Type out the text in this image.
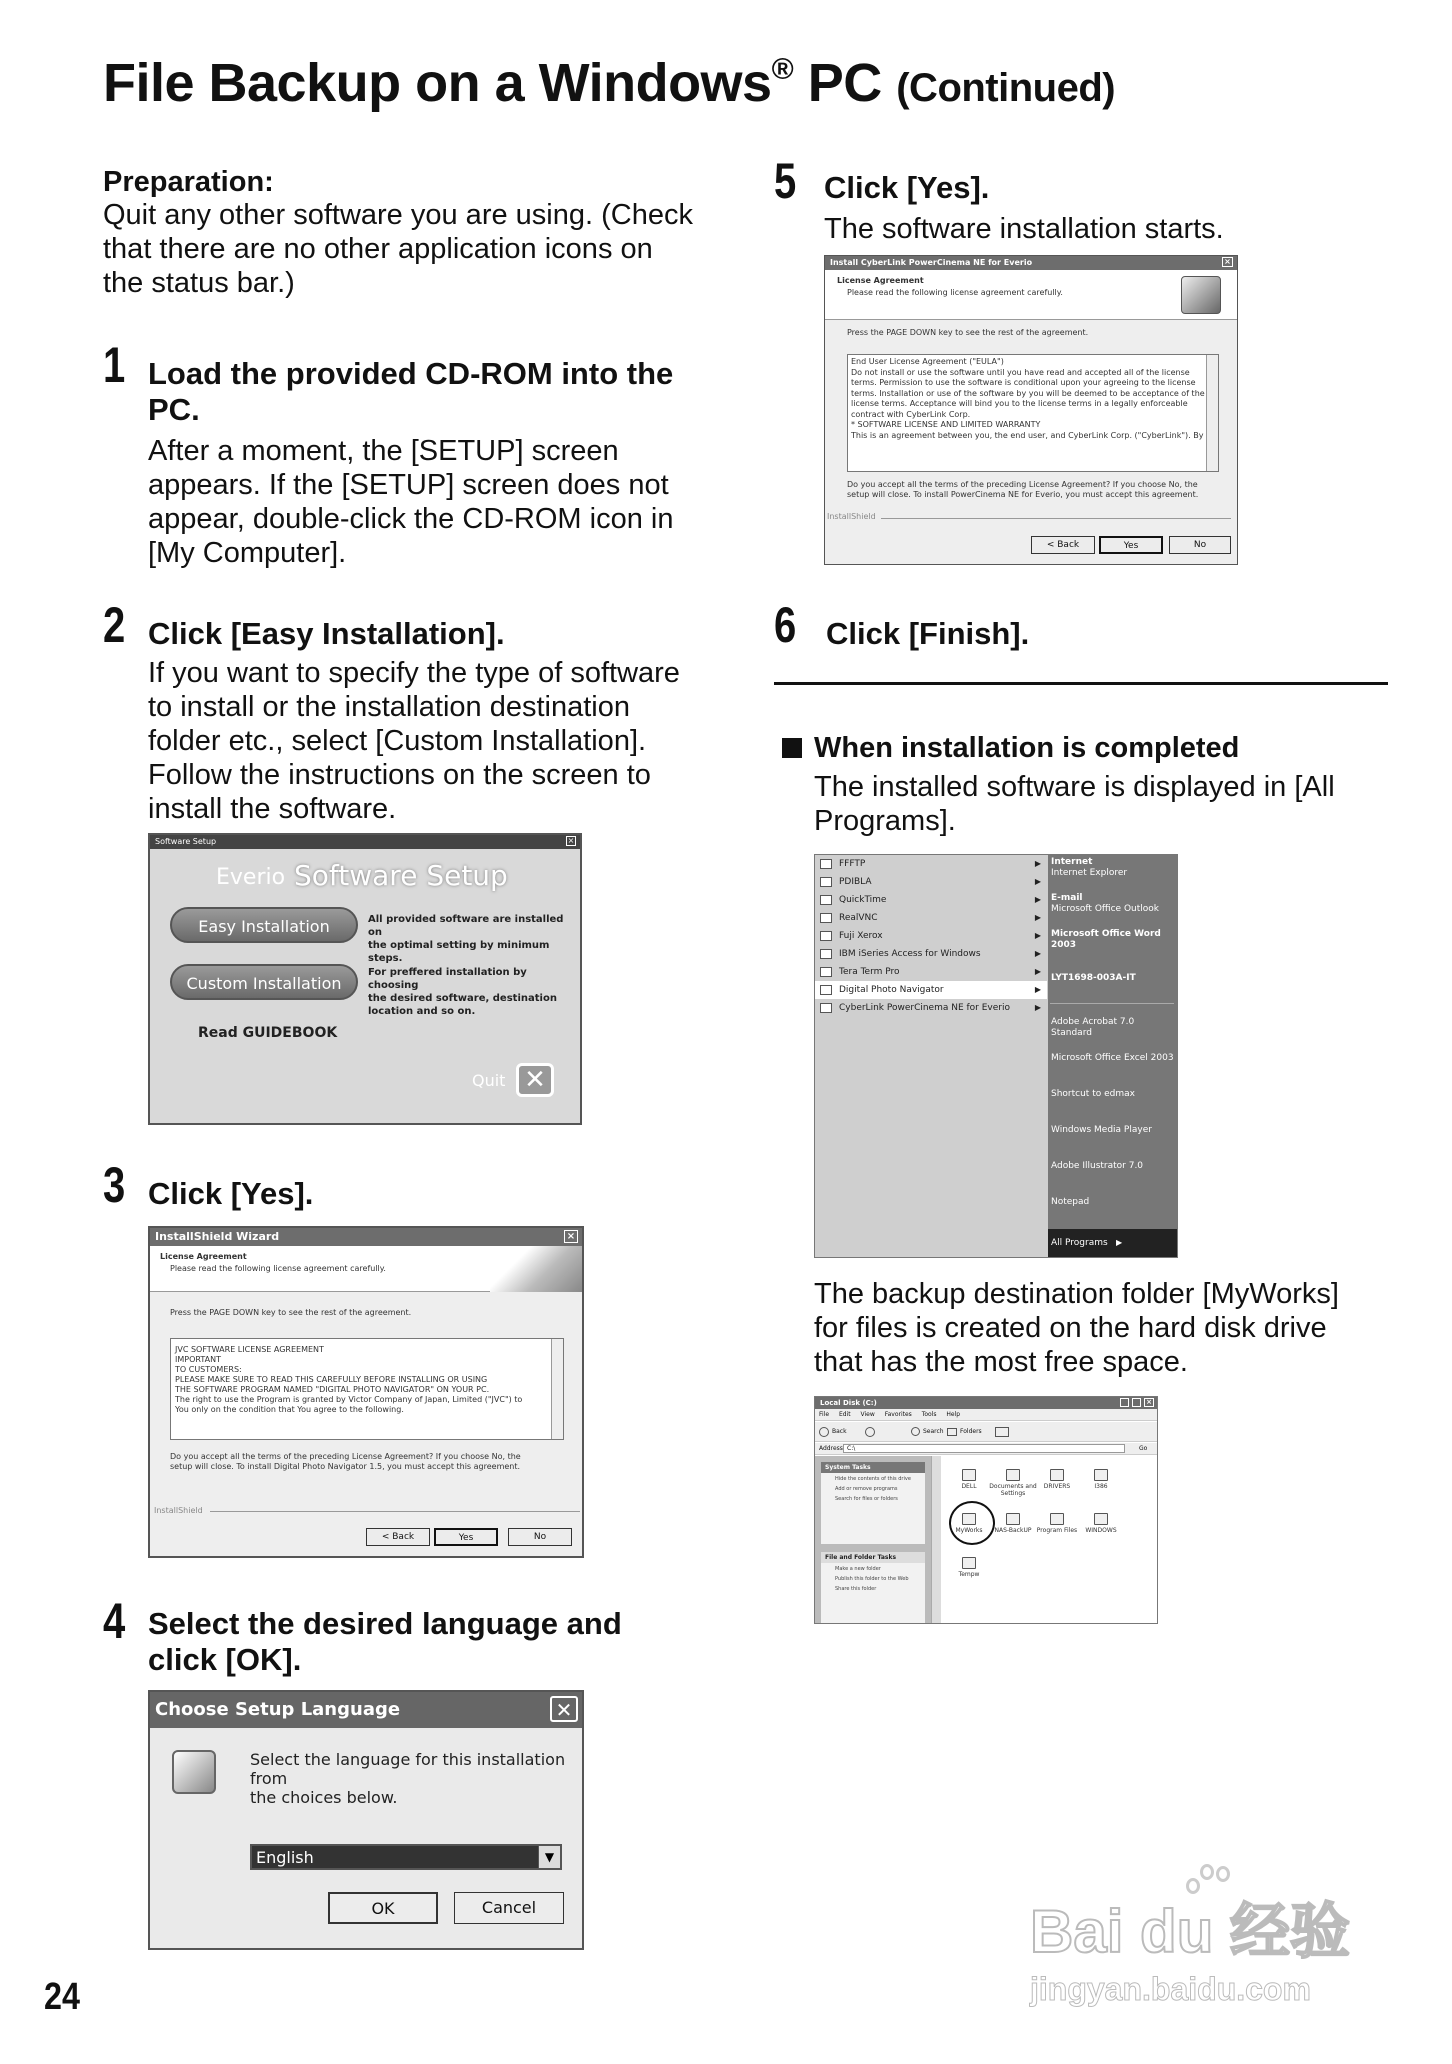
File Backup on a Windows® PC (Continued)
Preparation:
Quit any other software you are using. (Check
that there are no other application icons on
the status bar.)
1 Load the provided CD-ROM into the
PC.
After a moment, the [SETUP] screen
appears. If the [SETUP] screen does not
appear, double-click the CD-ROM icon in
[My Computer].
2 Click [Easy Installation].
If you want to specify the type of software
to install or the installation destination
folder etc., select [Custom Installation].
Follow the instructions on the screen to
install the software.
Software Setup	×
Everio Software Setup
Easy Installation	All provided software are installed on
the optimal setting by minimum steps.
Custom Installation
For preffered installation by choosing
the desired software, destination
location and so on.
Read GUIDEBOOK
Quit ✕
3 Click [Yes].
InstallShield Wizard	×
License Agreement
Please read the following license agreement carefully.
Press the PAGE DOWN key to see the rest of the agreement.
JVC SOFTWARE LICENSE AGREEMENT
IMPORTANT
TO CUSTOMERS:
PLEASE MAKE SURE TO READ THIS CAREFULLY BEFORE INSTALLING OR USING
THE SOFTWARE PROGRAM NAMED "DIGITAL PHOTO NAVIGATOR" ON YOUR PC.
The right to use the Program is granted by Victor Company of Japan, Limited ("JVC") to
You only on the condition that You agree to the following.
Do you accept all the terms of the preceding License Agreement? If you choose No, the
setup will close. To install Digital Photo Navigator 1.5, you must accept this agreement.
InstallShield
< Back	Yes	No
4 Select the desired language and
click [OK].
Choose Setup Language	✕
Select the language for this installation from
the choices below.
English	▼
OK	Cancel
24
5 Click [Yes].
The software installation starts.
Install CyberLink PowerCinema NE for Everio	×
License Agreement
Please read the following license agreement carefully.
Press the PAGE DOWN key to see the rest of the agreement.
End User License Agreement ("EULA")
Do not install or use the software until you have read and accepted all of the license
terms. Permission to use the software is conditional upon your agreeing to the license
terms. Installation or use of the software by you will be deemed to be acceptance of the
license terms. Acceptance will bind you to the license terms in a legally enforceable
contract with CyberLink Corp.
* SOFTWARE LICENSE AND LIMITED WARRANTY
This is an agreement between you, the end user, and CyberLink Corp. ("CyberLink"). By
Do you accept all the terms of the preceding License Agreement? If you choose No, the
setup will close. To install PowerCinema NE for Everio, you must accept this agreement.
InstallShield
< Back	Yes	No
6 Click [Finish].
When installation is completed
The installed software is displayed in [All
Programs].
FFFTP	▶
PDIBLA	▶
QuickTime	▶
RealVNC	▶
Fuji Xerox	▶
IBM iSeries Access for Windows	▶
Tera Term Pro	▶
Digital Photo Navigator	▶
CyberLink PowerCinema NE for Everio	▶
Internet
Internet Explorer
E-mail
Microsoft Office Outlook
Microsoft Office Word
2003
LYT1698-003A-IT
Adobe Acrobat 7.0 Standard
Microsoft Office Excel 2003
Shortcut to edmax
Windows Media Player
Adobe Illustrator 7.0
Notepad
All Programs ▶
The backup destination folder [MyWorks]
for files is created on the hard disk drive
that has the most free space.
Local Disk (C:)	×
File Edit View Favorites Tools Help
Back	Search	Folders
Address C:\	Go
System Tasks
Hide the contents of this drive
Add or remove programs
Search for files or folders
File and Folder Tasks
Make a new folder
Publish this folder to the Web
Share this folder
DELL	Documents and Settings
DRIVERS	I386
MyWorks	NAS-BackUP Program Files	WINDOWS
Tempw
Bai du 经验
jingyan.baidu.com
